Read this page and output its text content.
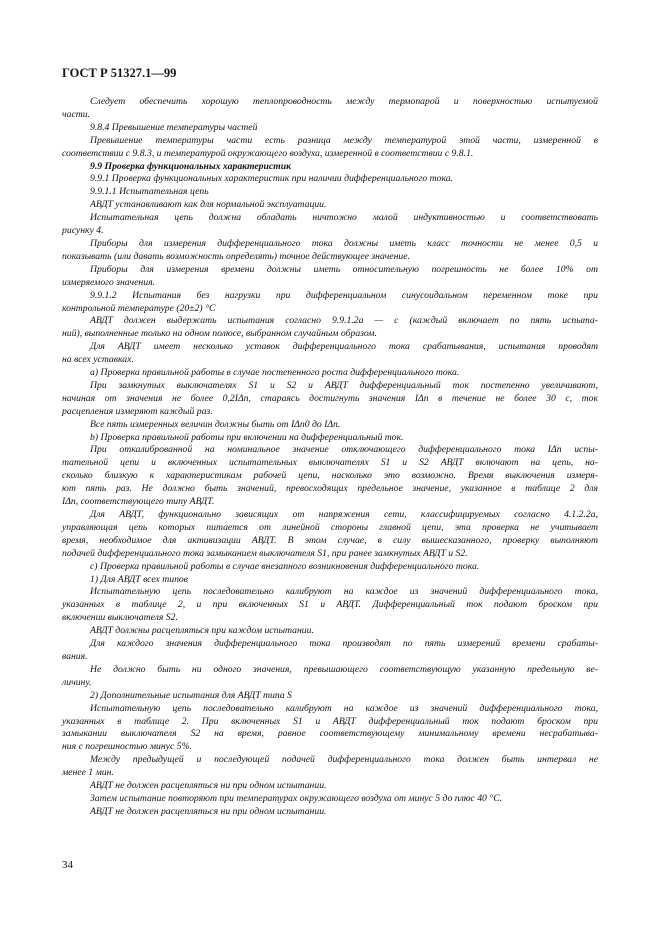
ГОСТ Р 51327.1—99

Следует обеспечить хорошую теплопроводность между термопарой и поверхностью испытуемой

части.

9.8.4 Превышение температуры частей

Превышение температуры части есть разница между температурой этой части, измеренной в

соответствии с 9.8.3, и температурой окружающего воздуха, измеренной в соответствии с 9.8.1.

9.9 Проверка функциональных характеристик

9.9.1 Проверка функциональных характеристик при наличии дифференциального тока.

9.9.1.1 Испытательная цепь

АВДТ устанавливают как для нормальной эксплуатации.

Испытательная цепь должна обладать ничтожно малой индуктивностью и соответствовать

рисунку 4.

Приборы для измерения дифференциального тока должны иметь класс точности не менее 0,5 и

показывать (или давать возможность определять) точное действующее значение.

Приборы для измерения времени должны иметь относительную погрешность не более 10% от

измеряемого значения.

9.9.1.2 Испытания без нагрузки при дифференциальном синусоидальном переменном токе при

контрольной температуре (20±2) °С

АВДТ должен выдержать испытания согласно 9.9.1.2а — с (каждый включает по пять испыта-

ний), выполненные только на одном полюсе, выбранном случайным образом.

Для АВДТ имеет несколько уставок дифференциального тока срабатывания, испытания проводят

на всех уставках.

а) Проверка правильной работы в случае постепенного роста дифференциального тока.

При замкнутых выключателях S1 и S2 и АВДТ дифференциальный ток постепенно увеличивают,

начиная от значения не более 0,2IΔn, стараясь достигнуть значения IΔn в течение не более 30 с, ток

расцепления измеряют каждый раз.

Все пять измеренных величин должны быть от IΔn0 до IΔn.

b) Проверка правильной работы при включении на дифференциальный ток.

При откалиброванной на номинальное значение отключающего дифференциального тока IΔn испы-

тательной цепи и включенных испытательных выключателях S1 и S2 АВДТ включают на цепь, на-

сколько близкую к характеристикам рабочей цепи, насколько это возможно. Время выключения измеря-

ют пять раз. Не должно быть значений, превосходящих предельное значение, указанное в таблице 2 для

IΔn, соответствующего типу АВДТ.

Для АВДТ, функционально зависящих от напряжения сети, классифицируемых согласно 4.1.2.2а,

управляющая цепь которых питается от линейной стороны главной цепи, эта проверка не учитывает

время, необходимое для активизации АВДТ. В этом случае, в силу вышесказанного, проверку выполняют

подачей дифференциального тока замыканием выключателя S1, при ранее замкнутых АВДТ и S2.

с) Проверка правильной работы в случае внезапного возникновения дифференциального тока.

1) Для АВДТ всех типов

Испытательную цепь последовательно калибруют на каждое из значений дифференциального тока,

указанных в таблице 2, и при включенных S1 и АВДТ. Дифференциальный ток подают броском при

включении выключателя S2.

АВДТ должны расцепляться при каждом испытании.

Для каждого значения дифференциального тока производят по пять измерений времени срабаты-

вания.

Не должно быть ни одного значения, превышающего соответствующую указанную предельную ве-

личину.

2) Дополнительные испытания для АВДТ типа S

Испытательную цепь последовательно калибруют на каждое из значений дифференциального тока,

указанных в таблице 2. При включенных S1 и АВДТ дифференциальный ток подают броском при

замыкании выключателя S2 на время, равное соответствующему минимальному времени несрабатыва-

ния с погрешностью минус 5%.

Между предыдущей и последующей подачей дифференциального тока должен быть интервал не

менее 1 мин.

АВДТ не должен расцепляться ни при одном испытании.

Затем испытание повторяют при температурах окружающего воздуха от минус 5 до плюс 40 °С.

АВДТ не должен расцепляться ни при одном испытании.

34
